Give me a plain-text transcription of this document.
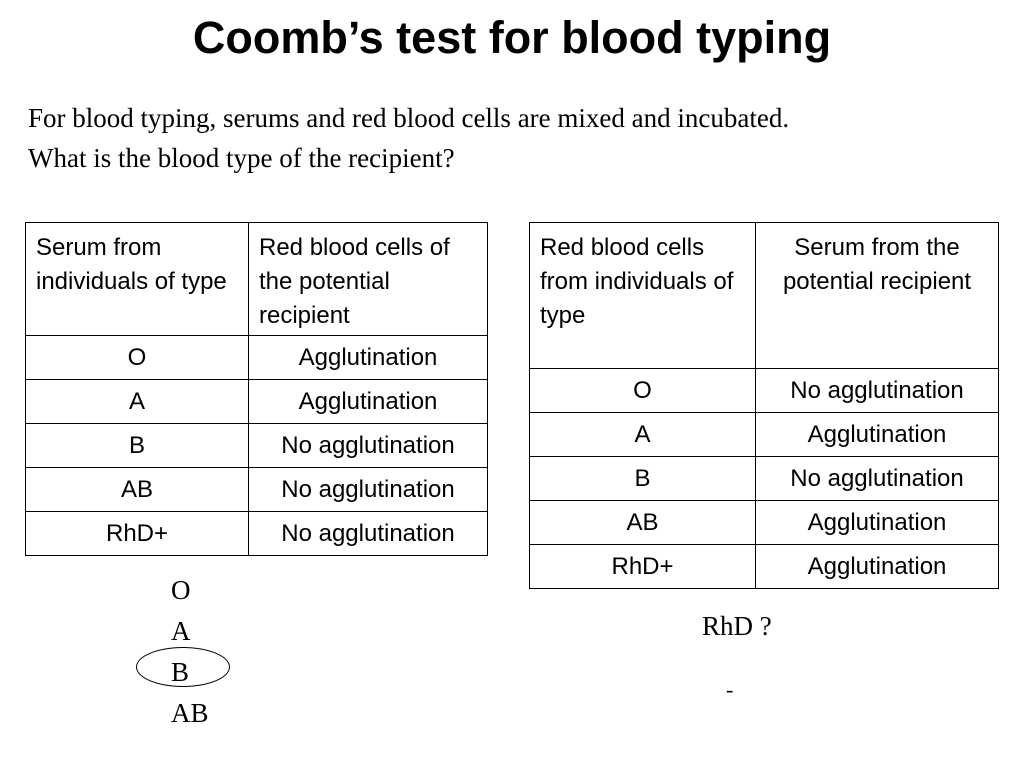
Coomb’s test for blood typing

For blood typing, serums and red blood cells are mixed and incubated.

What is the blood type of the recipient?

Serum from individuals of type	Red blood cells of the potential recipient
O	Agglutination
A	Agglutination
B	No agglutination
AB	No agglutination
RhD+	No agglutination
Red blood cells from individuals of type	Serum from the potential recipient
O	No agglutination
A	Agglutination
B	No agglutination
AB	Agglutination
RhD+	Agglutination
O
A
B
AB
RhD ?
-
